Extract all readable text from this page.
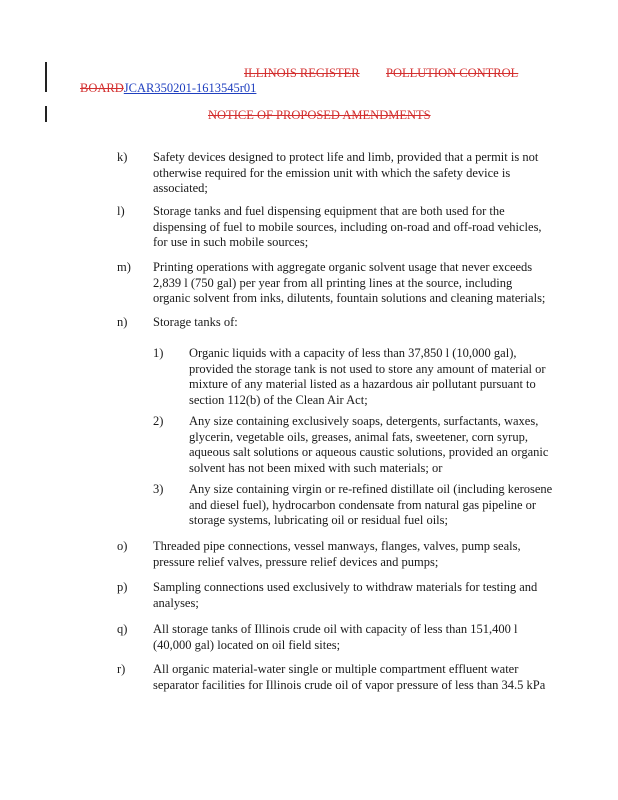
ILLINOIS REGISTER POLLUTION CONTROL
BOARDJCAR350201-1613545r01
NOTICE OF PROPOSED AMENDMENTS
k) Safety devices designed to protect life and limb, provided that a permit is not otherwise required for the emission unit with which the safety device is associated;
l) Storage tanks and fuel dispensing equipment that are both used for the dispensing of fuel to mobile sources, including on-road and off-road vehicles, for use in such mobile sources;
m) Printing operations with aggregate organic solvent usage that never exceeds 2,839 l (750 gal) per year from all printing lines at the source, including organic solvent from inks, dilutents, fountain solutions and cleaning materials;
n) Storage tanks of:
1) Organic liquids with a capacity of less than 37,850 l (10,000 gal), provided the storage tank is not used to store any amount of material or mixture of any material listed as a hazardous air pollutant pursuant to section 112(b) of the Clean Air Act;
2) Any size containing exclusively soaps, detergents, surfactants, waxes, glycerin, vegetable oils, greases, animal fats, sweetener, corn syrup, aqueous salt solutions or aqueous caustic solutions, provided an organic solvent has not been mixed with such materials; or
3) Any size containing virgin or re-refined distillate oil (including kerosene and diesel fuel), hydrocarbon condensate from natural gas pipeline or storage systems, lubricating oil or residual fuel oils;
o) Threaded pipe connections, vessel manways, flanges, valves, pump seals, pressure relief valves, pressure relief devices and pumps;
p) Sampling connections used exclusively to withdraw materials for testing and analyses;
q) All storage tanks of Illinois crude oil with capacity of less than 151,400 l (40,000 gal) located on oil field sites;
r) All organic material-water single or multiple compartment effluent water separator facilities for Illinois crude oil of vapor pressure of less than 34.5 kPa
